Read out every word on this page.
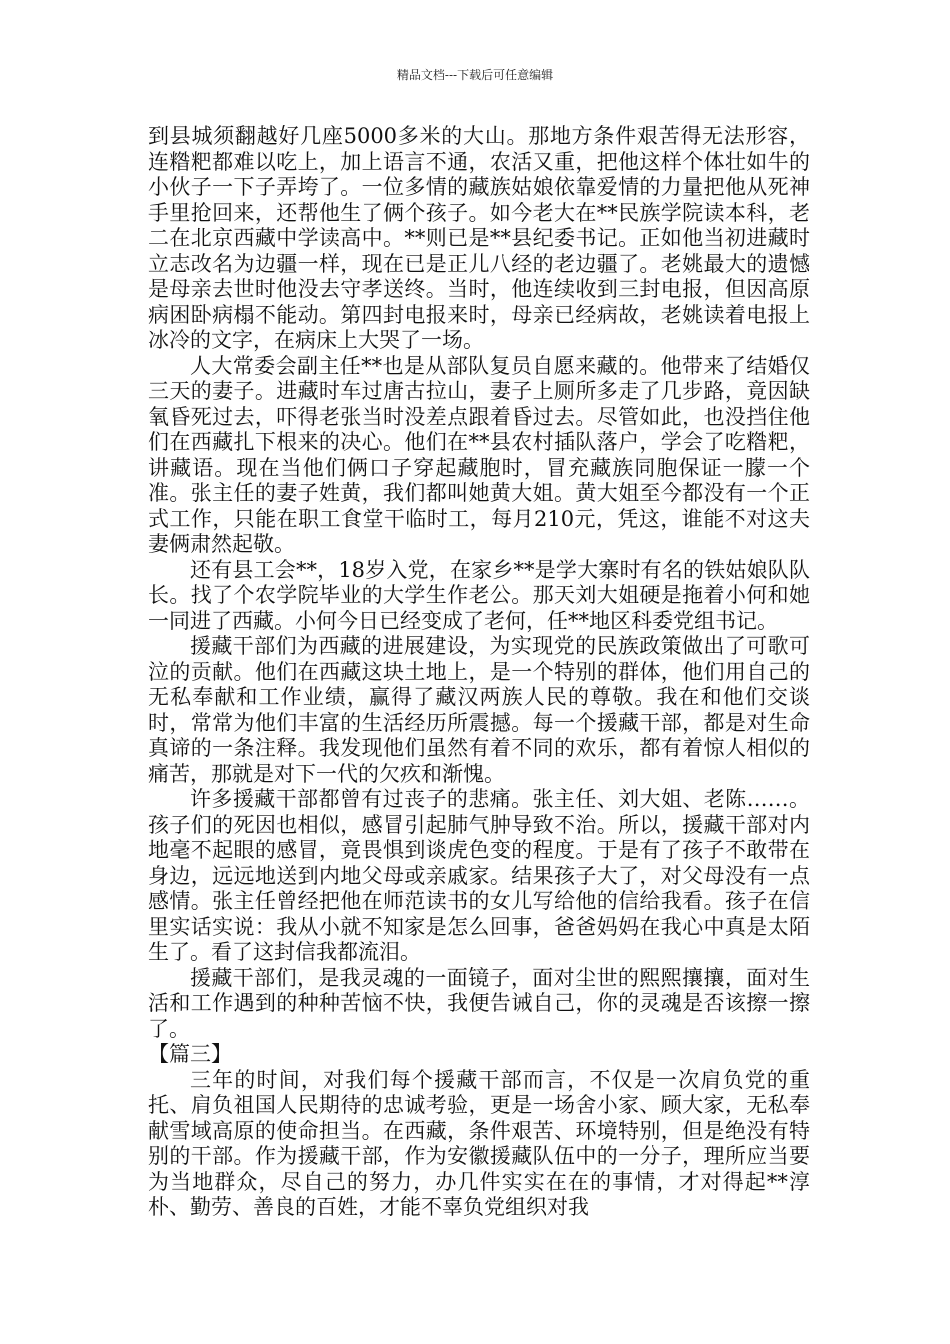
精品文档---下载后可任意编辑

到县城须翻越好几座5000多米的大山。那地方条件艰苦得无法形容，连糌粑都难以吃上，加上语言不通，农活又重，把他这样个体壮如牛的小伙子一下子弄垮了。一位多情的藏族姑娘依靠爱情的力量把他从死神手里抢回来，还帮他生了俩个孩子。如今老大在**民族学院读本科，老二在北京西藏中学读高中。**则已是**县纪委书记。正如他当初进藏时立志改名为边疆一样，现在已是正儿八经的老边疆了。老姚最大的遗憾是母亲去世时他没去守孝送终。当时，他连续收到三封电报，但因高原病困卧病榻不能动。第四封电报来时，母亲已经病故，老姚读着电报上冰冷的文字，在病床上大哭了一场。

人大常委会副主任**也是从部队复员自愿来藏的。他带来了结婚仅三天的妻子。进藏时车过唐古拉山，妻子上厕所多走了几步路，竟因缺氧昏死过去，吓得老张当时没差点跟着昏过去。尽管如此，也没挡住他们在西藏扎下根来的决心。他们在**县农村插队落户，学会了吃糌粑，讲藏语。现在当他们俩口子穿起藏胞时，冒充藏族同胞保证一朦一个准。张主任的妻子姓黄，我们都叫她黄大姐。黄大姐至今都没有一个正式工作，只能在职工食堂干临时工，每月210元，凭这，谁能不对这夫妻俩肃然起敬。

还有县工会**，18岁入党，在家乡**是学大寨时有名的铁姑娘队队长。找了个农学院毕业的大学生作老公。那天刘大姐硬是拖着小何和她一同进了西藏。小何今日已经变成了老何，任**地区科委党组书记。

援藏干部们为西藏的进展建设，为实现党的民族政策做出了可歌可泣的贡献。他们在西藏这块土地上，是一个特别的群体，他们用自己的无私奉献和工作业绩，赢得了藏汉两族人民的尊敬。我在和他们交谈时，常常为他们丰富的生活经历所震撼。每一个援藏干部，都是对生命真谛的一条注释。我发现他们虽然有着不同的欢乐，都有着惊人相似的痛苦，那就是对下一代的欠疚和渐愧。

许多援藏干部都曾有过丧子的悲痛。张主任、刘大姐、老陈……。孩子们的死因也相似，感冒引起肺气肿导致不治。所以，援藏干部对内地毫不起眼的感冒，竟畏惧到谈虎色变的程度。于是有了孩子不敢带在身边，远远地送到内地父母或亲戚家。结果孩子大了，对父母没有一点感情。张主任曾经把他在师范读书的女儿写给他的信给我看。孩子在信里实话实说：我从小就不知家是怎么回事，爸爸妈妈在我心中真是太陌生了。看了这封信我都流泪。

援藏干部们，是我灵魂的一面镜子，面对尘世的熙熙攘攘，面对生活和工作遇到的种种苦恼不快，我便告诫自己，你的灵魂是否该擦一擦了。

【篇三】

三年的时间，对我们每个援藏干部而言，不仅是一次肩负党的重托、肩负祖国人民期待的忠诚考验，更是一场舍小家、顾大家，无私奉献雪域高原的使命担当。在西藏，条件艰苦、环境特别，但是绝没有特别的干部。作为援藏干部，作为安徽援藏队伍中的一分子，理所应当要为当地群众，尽自己的努力，办几件实实在在的事情，才对得起**淳朴、勤劳、善良的百姓，才能不辜负党组织对我
